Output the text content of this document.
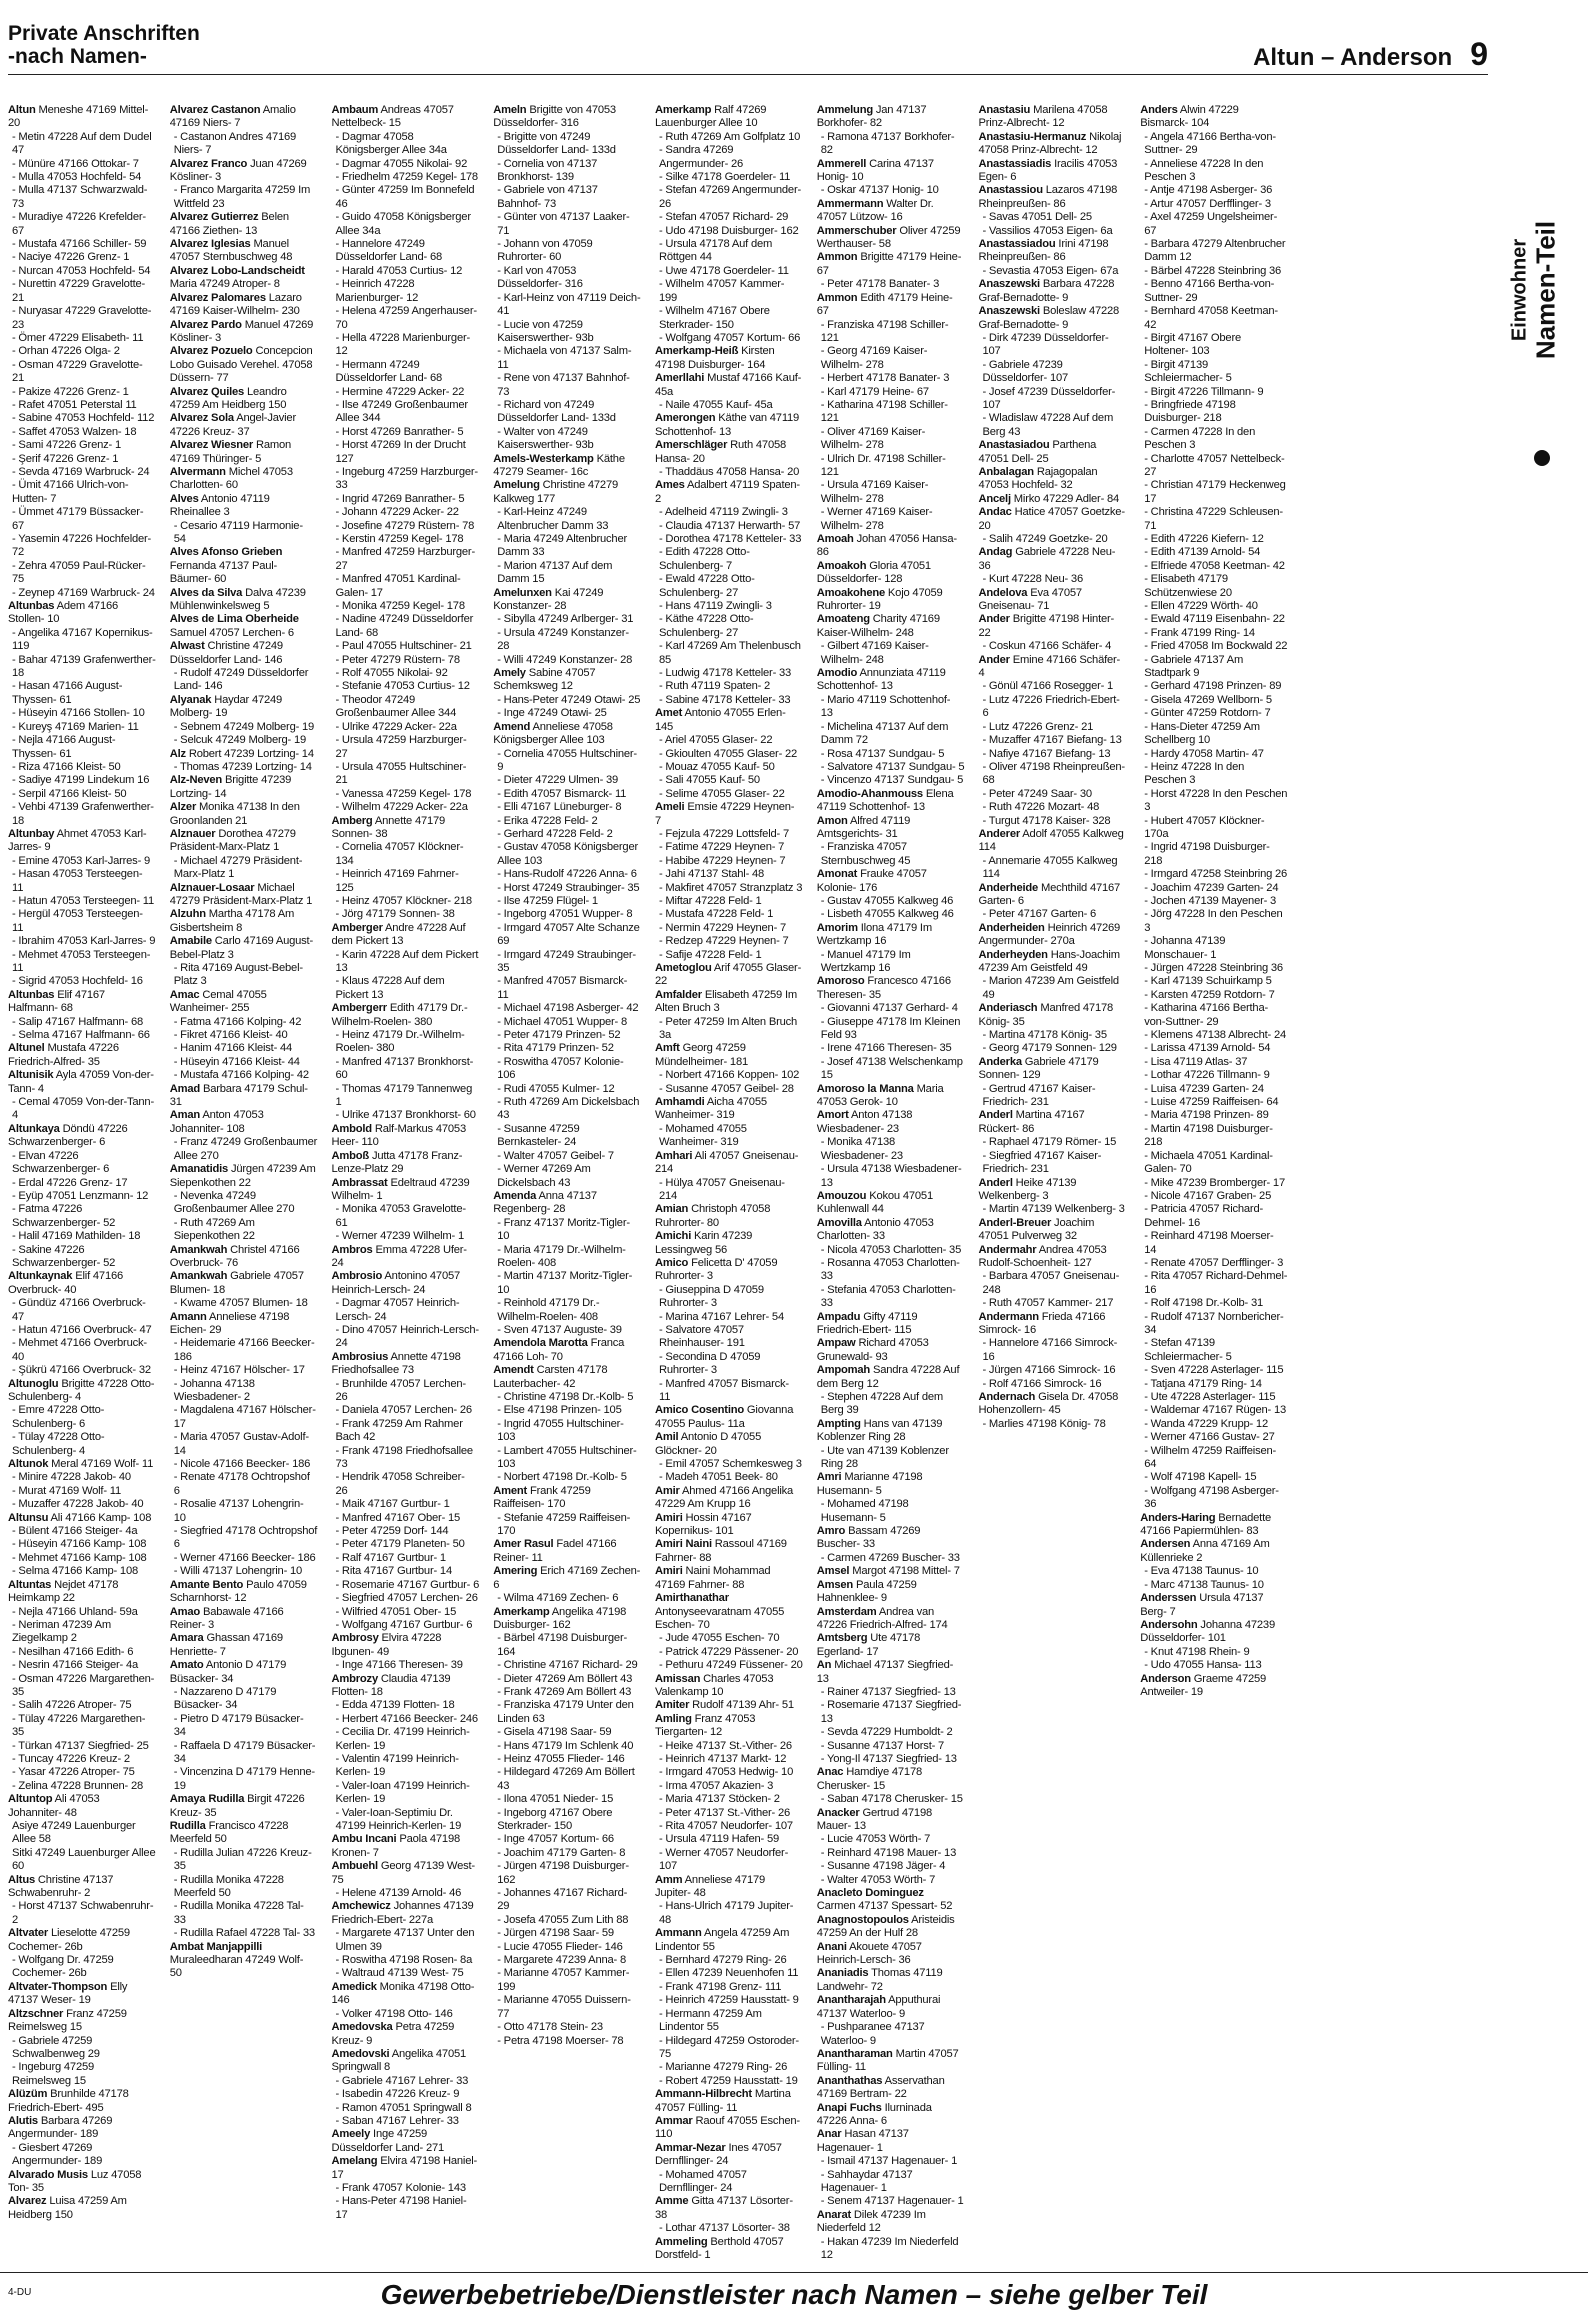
Private Anschriften
-nach Namen-	Altun – Anderson 9
Einwohner Namen-Teil
Altun Meneshe 47169 Mittel- 20
- Metin 47228 Auf dem Dudel 47
- Münüre 47166 Ottokar- 7
- Mulla 47053 Hochfeld- 54
- Mulla 47137 Schwarzwald- 73
- Muradiye 47226 Krefelder- 67
- Mustafa 47166 Schiller- 59
- Naciye 47226 Grenz- 1
- Nurcan 47053 Hochfeld- 54
- Nurettin 47229 Gravelotte- 21
- Nuryasar 47229 Gravelotte- 23
- Ömer 47229 Elisabeth- 11
- Orhan 47226 Olga- 2
- Osman 47229 Gravelotte- 21
- Pakize 47226 Grenz- 1
- Rafet 47051 Peterstal 11
- Sabine 47053 Hochfeld- 112
- Saffet 47053 Walzen- 18
- Sami 47226 Grenz- 1
- Şerif 47226 Grenz- 1
- Sevda 47169 Warbruck- 24
- Ümit 47166 Ulrich-von-Hutten- 7
- Ümmet 47179 Büssacker- 67
- Yasemin 47226 Hochfelder- 72
- Zehra 47059 Paul-Rücker- 75
- Zeynep 47169 Warbruck- 24
Altunbas Adem 47166 Stollen- 10
- Angelika 47167 Kopernikus- 119
- Bahar 47139 Grafenwerther- 18
- Hasan 47166 August-Thyssen- 61
- Hüseyin 47166 Stollen- 10
- Kureyş 47169 Marien- 11
- Nejla 47166 August-Thyssen- 61
- Riza 47166 Kleist- 50
- Sadiye 47199 Lindekum 16
- Serpil 47166 Kleist- 50
- Vehbi 47139 Grafenwerther- 18
Altunbay Ahmet 47053 Karl-Jarres- 9
- Emine 47053 Karl-Jarres- 9
- Hasan 47053 Tersteegen- 11
- Hatun 47053 Tersteegen- 11
- Hergül 47053 Tersteegen- 11
- Ibrahim 47053 Karl-Jarres- 9
- Mehmet 47053 Tersteegen- 11
- Sigrid 47053 Hochfeld- 16
Altunbas Elif 47167 Halfmann- 68
- Salip 47167 Halfmann- 68
- Selma 47167 Halfmann- 66
Altunel Mustafa 47226 Friedrich-Alfred- 35
Altunisik Ayla 47059 Von-der-Tann- 4
- Cemal 47059 Von-der-Tann- 4
Altunkaya Döndü 47226 Schwarzenberger- 6
- Elvan 47226 Schwarzenberger- 6
- Erdal 47226 Grenz- 17
- Eyüp 47051 Lenzmann- 12
- Fatma 47226 Schwarzenberger- 52
- Halil 47169 Mathilden- 18
- Sakine 47226 Schwarzenberger- 52
Altunkaynak Elif 47166 Overbruck- 40
- Gündüz 47166 Overbruck- 47
- Hatun 47166 Overbruck- 47
- Mehmet 47166 Overbruck- 40
- Şükrü 47166 Overbruck- 32
Altunoglu Brigitte 47228 Otto-Schulenberg- 4
- Emre 47228 Otto-Schulenberg- 6
- Tülay 47228 Otto-Schulenberg- 4
Altunok Meral 47169 Wolf- 11
- Minire 47228 Jakob- 40
- Murat 47169 Wolf- 11
- Muzaffer 47228 Jakob- 40
Altunsu Ali 47166 Kamp- 108
- Bülent 47166 Steiger- 4a
- Hüseyin 47166 Kamp- 108
- Mehmet 47166 Kamp- 108
- Selma 47166 Kamp- 108
Altuntas Nejdet 47178 Heimkamp 22
- Nejla 47166 Uhland- 59a
- Neriman 47239 Am Ziegelkamp 2
- Nesilhan 47166 Edith- 6
- Nesrin 47166 Steiger- 4a
- Osman 47226 Margarethen- 35
- Salih 47226 Atroper- 75
- Tülay 47226 Margarethen- 35
- Türkan 47137 Siegfried- 25
- Tuncay 47226 Kreuz- 2
- Yasar 47226 Atroper- 75
- Zelina 47228 Brunnen- 28
Altuntop Ali 47053 Johanniter- 48
Asiye 47249 Lauenburger Allee 58
Sitki 47249 Lauenburger Allee 60
Altus Christine 47137 Schwabenruhr- 2
- Horst 47137 Schwabenruhr- 2
Altvater Lieselotte 47259 Cochemer- 26b
- Wolfgang Dr. 47259 Cochemer- 26b
Altvater-Thompson Elly 47137 Weser- 19
Altzschner Franz 47259 Reimelsweg 15
- Gabriele 47259 Schwalbenweg 29
- Ingeburg 47259 Reimelsweg 15
Alüzüm Brunhilde 47178 Friedrich-Ebert- 495
Alutis Barbara 47269 Angermunder- 189
- Giesbert 47269 Angermunder- 189
Alvarado Musis Luz 47058 Ton- 35
Alvarez Luisa 47259 Am Heidberg 150
Alvarez Castanon Amalio 47169 Niers- 7
- Castanon Andres 47169 Niers- 7
Alvarez Franco Juan 47269 Kösliner- 3
- Franco Margarita 47259 Im Wittfeld 23
Alvarez Gutierrez Belen 47166 Ziethen- 13
Alvarez Iglesias Manuel 47057 Sternbuschweg 48
Alvarez Lobo-Landscheidt Maria 47249 Atroper- 8
Alvarez Palomares Lazaro 47169 Kaiser-Wilhelm- 230
Alvarez Pardo Manuel 47269 Kösliner- 3
Alvarez Pozuelo Concepcion Lobo Guisado Verehel. 47058 Düssern- 77
Alvarez Quiles Leandro 47259 Am Heidberg 150
Alvarez Sola Angel-Javier 47226 Kreuz- 37
Alvarez Wiesner Ramon 47169 Thüringer- 5
Alvermann Michel 47053 Charlotten- 60
Alves Antonio 47119 Rheinallee 3
- Cesario 47119 Harmonie- 54
Alves Afonso Grieben Fernanda 47137 Paul-Bäumer- 60
Alves da Silva Dalva 47239 Mühlenwinkelsweg 5
Alves de Lima Oberheide Samuel 47057 Lerchen- 6
Alwast Christine 47249 Düsseldorfer Land- 146
- Rudolf 47249 Düsseldorfer Land- 146
Alyanak Haydar 47249 Molberg- 19
- Sebnem 47249 Molberg- 19
- Selcuk 47249 Molberg- 19
Alz Robert 47239 Lortzing- 14
- Thomas 47239 Lortzing- 14
Alz-Neven Brigitte 47239 Lortzing- 14
Alzer Monika 47138 In den Groonlanden 21
Alznauer Dorothea 47279 Präsident-Marx-Platz 1
- Michael 47279 Präsident-Marx-Platz 1
Alznauer-Losaar Michael 47279 Präsident-Marx-Platz 1
Alzuhn Martha 47178 Am Gisbertsheim 8
Amabile Carlo 47169 August-Bebel-Platz 3
- Rita 47169 August-Bebel-Platz 3
Amac Cemal 47055 Wanheimer- 255
- Fatma 47166 Kolping- 42
- Fikret 47166 Kleist- 40
- Hanim 47166 Kleist- 44
- Hüseyin 47166 Kleist- 44
- Mustafa 47166 Kolping- 42
Amad Barbara 47179 Schul- 31
Aman Anton 47053 Johanniter- 108
- Franz 47249 Großenbaumer Allee 270
Amanatidis Jürgen 47239 Am Siepenkothen 22
- Nevenka 47249 Großenbaumer Allee 270
- Ruth 47269 Am Siepenkothen 22
Amankwah Christel 47166 Overbruck- 76
Amankwah Gabriele 47057 Blumen- 18
- Kwame 47057 Blumen- 18
Amann Anneliese 47198 Eichen- 29
- Heidemarie 47166 Beecker- 186
- Heinz 47167 Hölscher- 17
- Johanna 47138 Wiesbadener- 2
- Magdalena 47167 Hölscher- 17
- Maria 47057 Gustav-Adolf- 14
- Nicole 47166 Beecker- 186
- Renate 47178 Ochtropshof 6
- Rosalie 47137 Lohengrin- 10
- Siegfried 47178 Ochtropshof 6
- Werner 47166 Beecker- 186
- Willi 47137 Lohengrin- 10
Amante Bento Paulo 47059 Scharnhorst- 12
Amao Babawale 47166 Reiner- 3
Amara Ghassan 47169 Henriette- 7
Amato Antonio D 47179 Büsacker- 34
- Nazzareno D 47179 Büsacker- 34
- Pietro D 47179 Büsacker- 34
- Raffaela D 47179 Büsacker- 34
- Vincenzina D 47179 Henne- 19
Amaya Rudilla Birgit 47226 Kreuz- 35
Rudilla Francisco 47228 Meerfeld 50
- Rudilla Julian 47226 Kreuz- 35
- Rudilla Monika 47228 Meerfeld 50
- Rudilla Monika 47228 Tal- 33
- Rudilla Rafael 47228 Tal- 33
Ambat Manjappilli Muraleedharan 47249 Wolf- 50
Ambaum Andreas 47057 Nettelbeck- 15
- Dagmar 47058 Königsberger Allee 34a
- Dagmar 47055 Nikolai- 92
- Friedhelm 47259 Kegel- 178
- Günter 47259 Im Bonnefeld 46
- Guido 47058 Königsberger Allee 34a
- Hannelore 47249 Düsseldorfer Land- 68
- Harald 47053 Curtius- 12
- Heinrich 47228 Marienburger- 12
- Helena 47259 Angerhauser- 70
- Hella 47228 Marienburger- 12
- Hermann 47249 Düsseldorfer Land- 68
- Hermine 47229 Acker- 22
- Ilse 47249 Großenbaumer Allee 344
- Horst 47269 Banrather- 5
- Horst 47269 In der Drucht 127
- Ingeburg 47259 Harzburger- 33
- Ingrid 47269 Banrather- 5
- Johann 47229 Acker- 22
- Josefine 47279 Rüstern- 78
- Kerstin 47259 Kegel- 178
- Manfred 47259 Harzburger- 27
- Manfred 47051 Kardinal-Galen- 17
- Monika 47259 Kegel- 178
- Nadine 47249 Düsseldorfer Land- 68
- Paul 47055 Hultschiner- 21
- Peter 47279 Rüstern- 78
- Rolf 47055 Nikolai- 92
- Stefanie 47053 Curtius- 12
- Theodor 47249 Großenbaumer Allee 344
- Ulrike 47229 Acker- 22a
- Ursula 47259 Harzburger- 27
- Ursula 47055 Hultschiner- 21
- Vanessa 47259 Kegel- 178
- Wilhelm 47229 Acker- 22a
Amberg Annette 47179 Sonnen- 38
- Cornelia 47057 Klöckner- 134
- Heinrich 47169 Fahrner- 125
- Heinz 47057 Klöckner- 218
- Jörg 47179 Sonnen- 38
Amberger Andre 47228 Auf dem Pickert 13
- Karin 47228 Auf dem Pickert 13
- Klaus 47228 Auf dem Pickert 13
Ambergerr Edith 47179 Dr.-Wilhelm-Roelen- 380
- Heinz 47179 Dr.-Wilhelm-Roelen- 380
- Manfred 47137 Bronkhorst- 60
- Thomas 47179 Tannenweg 1
- Ulrike 47137 Bronkhorst- 60
Ambold Ralf-Markus 47053 Heer- 110
Amboß Jutta 47178 Franz-Lenze-Platz 29
Ambrassat Edeltraud 47239 Wilhelm- 1
- Monika 47053 Gravelotte- 61
- Werner 47239 Wilhelm- 1
Ambros Emma 47228 Ufer- 24
Ambrosio Antonino 47057 Heinrich-Lersch- 24
- Dagmar 47057 Heinrich-Lersch- 24
- Dino 47057 Heinrich-Lersch- 24
Ambrosius Annette 47198 Friedhofsallee 73
- Brunhilde 47057 Lerchen- 26
- Daniela 47057 Lerchen- 26
- Frank 47259 Am Rahmer Bach 42
- Frank 47198 Friedhofsallee 73
- Hendrik 47058 Schreiber- 26
- Maik 47167 Gurtbur- 1
- Manfred 47167 Ober- 15
- Peter 47259 Dorf- 144
- Peter 47179 Planeten- 50
- Ralf 47167 Gurtbur- 1
- Rita 47167 Gurtbur- 14
- Rosemarie 47167 Gurtbur- 6
- Siegfried 47057 Lerchen- 26
- Wilfried 47051 Ober- 15
- Wolfgang 47167 Gurtbur- 6
Ambrosy Elvira 47228 Ibgunen- 49
- Inge 47166 Theresen- 39
Ambrozy Claudia 47139 Flotten- 18
- Edda 47139 Flotten- 18
- Herbert 47166 Beecker- 246
- Cecilia Dr. 47199 Heinrich-Kerlen- 19
- Valentin 47199 Heinrich-Kerlen- 19
- Valer-Ioan 47199 Heinrich-Kerlen- 19
- Valer-Ioan-Septimiu Dr. 47199 Heinrich-Kerlen- 19
Ambu Incani Paola 47198 Kronen- 7
Ambuehl Georg 47139 West- 75
- Helene 47139 Arnold- 46
Amchewicz Johannes 47139 Friedrich-Ebert- 227a
- Margarete 47137 Unter den Ulmen 39
- Roswitha 47198 Rosen- 8a
- Waltraud 47139 West- 75
Amedick Monika 47198 Otto- 146
- Volker 47198 Otto- 146
Amedovska Petra 47259 Kreuz- 9
Amedovski Angelika 47051 Springwall 8
- Gabriele 47167 Lehrer- 33
- Isabedin 47226 Kreuz- 9
- Ramon 47051 Springwall 8
- Saban 47167 Lehrer- 33
Ameely Inge 47259 Düsseldorfer Land- 271
Amelang Elvira 47198 Haniel- 17
- Frank 47057 Kolonie- 143
- Hans-Peter 47198 Haniel- 17
Ameln Brigitte von 47053 Düsseldorfer- 316
- Brigitte von 47249 Düsseldorfer Land- 133d
- Cornelia von 47137 Bronkhorst- 139
- Gabriele von 47137 Bahnhof- 73
- Günter von 47137 Laaker- 71
- Johann von 47059 Ruhrorter- 60
- Karl von 47053 Düsseldorfer- 316
- Karl-Heinz von 47119 Deich- 41
- Lucie von 47259 Kaiserswerther- 93b
- Michaela von 47137 Salm- 11
- Rene von 47137 Bahnhof- 73
- Richard von 47249 Düsseldorfer Land- 133d
- Walter von 47249 Kaiserswerther- 93b
Amels-Westerkamp Käthe 47279 Seamer- 16c
Amelung Christine 47279 Kalkweg 177
- Karl-Heinz 47249 Altenbrucher Damm 33
- Maria 47249 Altenbrucher Damm 33
- Marion 47137 Auf dem Damm 15
Amelunxen Kai 47249 Konstanzer- 28
- Sibylla 47249 Arlberger- 31
- Ursula 47249 Konstanzer- 28
- Willi 47249 Konstanzer- 28
Amely Sabine 47057 Schemksweg 12
- Hans-Peter 47249 Otawi- 25
- Inge 47249 Otawi- 25
Amend Anneliese 47058 Königsberger Allee 103
- Cornelia 47055 Hultschiner- 9
- Dieter 47229 Ulmen- 39
- Edith 47057 Bismarck- 11
- Elli 47167 Lüneburger- 8
- Erika 47228 Feld- 2
- Gerhard 47228 Feld- 2
- Gustav 47058 Königsberger Allee 103
- Hans-Rudolf 47226 Anna- 6
- Horst 47249 Straubinger- 35
- Ilse 47259 Flügel- 1
- Ingeborg 47051 Wupper- 8
- Irmgard 47057 Alte Schanze 69
- Irmgard 47249 Straubinger- 35
- Manfred 47057 Bismarck- 11
- Michael 47198 Asberger- 42
- Michael 47051 Wupper- 8
- Peter 47179 Prinzen- 52
- Rita 47179 Prinzen- 52
- Roswitha 47057 Kolonie- 106
- Rudi 47055 Kulmer- 12
- Ruth 47269 Am Dickelsbach 43
- Susanne 47259 Bernkasteler- 24
- Walter 47057 Geibel- 7
- Werner 47269 Am Dickelsbach 43
Amenda Anna 47137 Regenberg- 28
- Franz 47137 Moritz-Tigler- 10
- Maria 47179 Dr.-Wilhelm-Roelen- 408
- Martin 47137 Moritz-Tigler- 10
- Reinhold 47179 Dr.-Wilhelm-Roelen- 408
- Sven 47137 Auguste- 39
Amendola Marotta Franca 47166 Loh- 70
Amendt Carsten 47178 Lauterbacher- 42
- Christine 47198 Dr.-Kolb- 5
- Else 47198 Prinzen- 105
- Ingrid 47055 Hultschiner- 103
- Lambert 47055 Hultschiner- 103
- Norbert 47198 Dr.-Kolb- 5
Ament Frank 47259 Raiffeisen- 170
- Stefanie 47259 Raiffeisen- 170
Amer Rasul Fadel 47166 Reiner- 11
Amering Erich 47169 Zechen- 6
- Wilma 47169 Zechen- 6
Amerkamp Angelika 47198 Duisburger- 162
- Bärbel 47198 Duisburger- 164
- Christine 47167 Richard- 29
- Dieter 47269 Am Böllert 43
- Frank 47269 Am Böllert 43
- Franziska 47179 Unter den Linden 63
- Gisela 47198 Saar- 59
- Hans 47179 Im Schlenk 40
- Heinz 47055 Flieder- 146
- Hildegard 47269 Am Böllert 43
- Ilona 47051 Nieder- 15
- Ingeborg 47167 Obere Sterkrader- 150
- Inge 47057 Kortum- 66
- Joachim 47179 Garten- 8
- Jürgen 47198 Duisburger- 162
- Johannes 47167 Richard- 29
- Josefa 47055 Zum Lith 88
- Jürgen 47198 Saar- 59
- Lucie 47055 Flieder- 146
- Margarete 47239 Anna- 8
- Marianne 47057 Kammer- 199
- Marianne 47055 Duissern- 77
- Otto 47178 Stein- 23
- Petra 47198 Moerser- 78
Amerkamp Ralf 47269 Lauenburger Allee 10
- Ruth 47269 Am Golfplatz 10
- Sandra 47269 Angermunder- 26
- Silke 47178 Goerdeler- 11
- Stefan 47269 Angermunder- 26
- Stefan 47057 Richard- 29
- Udo 47198 Duisburger- 162
- Ursula 47178 Auf dem Röttgen 44
- Uwe 47178 Goerdeler- 11
- Wilhelm 47057 Kammer- 199
- Wilhelm 47167 Obere Sterkrader- 150
- Wolfgang 47057 Kortum- 66
Amerkamp-Heiß Kirsten 47198 Duisburger- 164
Amerllahi Mustaf 47166 Kauf- 45a
- Naile 47055 Kauf- 45a
Amerongen Käthe van 47119 Schottenhof- 13
Amerschläger Ruth 47058 Hansa- 20
- Thaddäus 47058 Hansa- 20
Ames Adalbert 47119 Spaten- 2
- Adelheid 47119 Zwingli- 3
- Claudia 47137 Herwarth- 57
- Dorothea 47178 Ketteler- 33
- Edith 47228 Otto-Schulenberg- 7
- Ewald 47228 Otto-Schulenberg- 27
- Hans 47119 Zwingli- 3
- Käthe 47228 Otto-Schulenberg- 27
- Karl 47269 Am Thelenbusch 85
- Ludwig 47178 Ketteler- 33
- Ruth 47119 Spaten- 2
- Sabine 47178 Ketteler- 33
Amet Antonio 47055 Erlen- 145
- Ariel 47055 Glaser- 22
- Gkioulten 47055 Glaser- 22
- Mouaz 47055 Kauf- 50
- Sali 47055 Kauf- 50
- Selime 47055 Glaser- 22
Ameli Emsie 47229 Heynen- 7
- Fejzula 47229 Lottsfeld- 7
- Fatime 47229 Heynen- 7
- Habibe 47229 Heynen- 7
- Jahi 47137 Stahl- 48
- Makfiret 47057 Stranzplatz 3
- Miftar 47228 Feld- 1
- Mustafa 47228 Feld- 1
- Nermin 47229 Heynen- 7
- Redzep 47229 Heynen- 7
- Safije 47228 Feld- 1
Ametoglou Arif 47055 Glaser- 22
Amfalder Elisabeth 47259 Im Alten Bruch 3
- Peter 47259 Im Alten Bruch 3a
Amft Georg 47259 Mündelheimer- 181
- Norbert 47166 Koppen- 102
- Susanne 47057 Geibel- 28
Amhamdi Aicha 47055 Wanheimer- 319
- Mohamed 47055 Wanheimer- 319
Amhari Ali 47057 Gneisenau- 214
- Hülya 47057 Gneisenau- 214
Amian Christoph 47058 Ruhrorter- 80
Amichi Karin 47239 Lessingweg 56
Amico Felicetta D' 47059 Ruhrorter- 3
- Giuseppina D 47059 Ruhrorter- 3
- Marina 47167 Lehrer- 54
- Salvatore 47057 Rheinhauser- 191
- Secondina D 47059 Ruhrorter- 3
- Manfred 47057 Bismarck- 11
Amico Cosentino Giovanna 47055 Paulus- 11a
Amil Antonio D 47055 Glöckner- 20
- Emil 47057 Schemkesweg 3
- Madeh 47051 Beek- 80
Amir Ahmed 47166 Angelika 47229 Am Krupp 16
Amiri Hossin 47167 Kopernikus- 101
Amiri Naini Rassoul 47169 Fahrner- 88
Amiri Naini Mohammad 47169 Fahrner- 88
Amirthanathar Antonyseevaratnam 47055 Eschen- 70
- Jude 47055 Eschen- 70
- Patrick 47229 Pässener- 20
- Pethuru 47249 Füssener- 20
Amissan Charles 47053 Valenkamp 10
Amiter Rudolf 47139 Ahr- 51
Amling Franz 47053 Tiergarten- 12
- Heike 47137 St.-Vither- 26
- Heinrich 47137 Markt- 12
- Irmgard 47053 Hedwig- 10
- Irma 47057 Akazien- 3
- Maria 47137 Stöcken- 2
- Peter 47137 St.-Vither- 26
- Rita 47057 Neudorfer- 107
- Ursula 47119 Hafen- 59
- Werner 47057 Neudorfer- 107
Amm Anneliese 47179 Jupiter- 48
- Hans-Ulrich 47179 Jupiter- 48
Ammann Angela 47259 Am Lindentor 55
- Bernhard 47279 Ring- 26
- Ellen 47239 Neuenhofen 11
- Frank 47198 Grenz- 111
- Heinrich 47259 Hausstatt- 9
- Hermann 47259 Am Lindentor 55
- Hildegard 47259 Ostoroder- 75
- Marianne 47279 Ring- 26
- Robert 47259 Hausstatt- 19
Ammann-Hilbrecht Martina 47057 Fülling- 11
Ammar Raouf 47055 Eschen- 110
Ammar-Nezar Ines 47057 Dernfllinger- 24
- Mohamed 47057 Dernfllinger- 24
Amme Gitta 47137 Lösorter- 38
- Lothar 47137 Lösorter- 38
Ammeling Berthold 47057 Dorstfeld- 1
Ammelung Jan 47137 Borkhofer- 82
- Ramona 47137 Borkhofer- 82
Ammerell Carina 47137 Honig- 10
- Oskar 47137 Honig- 10
Ammermann Walter Dr. 47057 Lützow- 16
Ammerschuber Oliver 47259 Werthauser- 58
Ammon Brigitte 47179 Heine- 67
- Peter 47178 Banater- 3
Ammon Edith 47179 Heine- 67
- Franziska 47198 Schiller- 121
- Georg 47169 Kaiser-Wilhelm- 278
- Herbert 47178 Banater- 3
- Karl 47179 Heine- 67
- Katharina 47198 Schiller- 121
- Oliver 47169 Kaiser-Wilhelm- 278
- Ulrich Dr. 47198 Schiller- 121
- Ursula 47169 Kaiser-Wilhelm- 278
- Werner 47169 Kaiser-Wilhelm- 278
Amoah Johan 47056 Hansa- 86
Amoakoh Gloria 47051 Düsseldorfer- 128
Amoakohene Kojo 47059 Ruhrorter- 19
Amoateng Charity 47169 Kaiser-Wilhelm- 248
- Gilbert 47169 Kaiser-Wilhelm- 248
Amodio Annunziata 47119 Schottenhof- 13
- Mario 47119 Schottenhof- 13
- Michelina 47137 Auf dem Damm 72
- Rosa 47137 Sundgau- 5
- Salvatore 47137 Sundgau- 5
- Vincenzo 47137 Sundgau- 5
Amodio-Ahanmouss Elena 47119 Schottenhof- 13
Amon Alfred 47119 Amtsgerichts- 31
- Franziska 47057 Sternbuschweg 45
Amonat Frauke 47057 Kolonie- 176
- Gustav 47055 Kalkweg 46
- Lisbeth 47055 Kalkweg 46
Amorim Ilona 47179 Im Wertzkamp 16
- Manuel 47179 Im Wertzkamp 16
Amoroso Francesco 47166 Theresen- 35
- Giovanni 47137 Gerhard- 4
- Giuseppe 47178 Im Kleinen Feld 93
- Irene 47166 Theresen- 35
- Josef 47138 Welschenkamp 15
Amoroso la Manna Maria 47053 Gerok- 10
Amort Anton 47138 Wiesbadener- 23
- Monika 47138 Wiesbadener- 23
- Ursula 47138 Wiesbadener- 13
Amouzou Kokou 47051 Kuhlenwall 44
Amovilla Antonio 47053 Charlotten- 33
- Nicola 47053 Charlotten- 35
- Rosanna 47053 Charlotten- 33
- Stefania 47053 Charlotten- 33
Ampadu Gifty 47119 Friedrich-Ebert- 115
Ampaw Richard 47053 Grunewald- 93
Ampomah Sandra 47228 Auf dem Berg 12
- Stephen 47228 Auf dem Berg 39
Ampting Hans van 47139 Koblenzer Ring 28
- Ute van 47139 Koblenzer Ring 28
Amri Marianne 47198 Husemann- 5
- Mohamed 47198 Husemann- 5
Amro Bassam 47269 Buscher- 33
- Carmen 47269 Buscher- 33
Amsel Margot 47198 Mittel- 7
Amsen Paula 47259 Hahnenklee- 9
Amsterdam Andrea van 47226 Friedrich-Alfred- 174
Amtsberg Ute 47178 Egerland- 17
An Michael 47137 Siegfried- 13
- Rainer 47137 Siegfried- 13
- Rosemarie 47137 Siegfried- 13
- Sevda 47229 Humboldt- 2
- Susanne 47137 Horst- 7
- Yong-Il 47137 Siegfried- 13
Anac Hamdiye 47178 Cherusker- 15
- Saban 47178 Cherusker- 15
Anacker Gertrud 47198 Mauer- 13
- Lucie 47053 Wörth- 7
- Reinhard 47198 Mauer- 13
- Susanne 47198 Jäger- 4
- Walter 47053 Wörth- 7
Anacleto Dominguez Carmen 47137 Spessart- 52
Anagnostopoulos Aristeidis 47259 An der Hulf 28
Anani Akouete 47057 Heinrich-Lersch- 36
Ananiadis Thomas 47119 Landwehr- 72
Anantharajah Apputhurai 47137 Waterloo- 9
- Pushparanee 47137 Waterloo- 9
Anantharaman Martin 47057 Fülling- 11
Ananthathas Asservathan 47169 Bertram- 22
Anapi Fuchs Ilurninada 47226 Anna- 6
Anar Hasan 47137 Hagenauer- 1
- Ismail 47137 Hagenauer- 1
- Sahhaydar 47137 Hagenauer- 1
- Senem 47137 Hagenauer- 1
Anarat Dilek 47239 Im Niederfeld 12
- Hakan 47239 Im Niederfeld 12
Anastasiu Marilena 47058 Prinz-Albrecht- 12
Anastasiu-Hermanuz Nikolaj 47058 Prinz-Albrecht- 12
Anastassiadis Iracilis 47053 Egen- 6
Anastassiou Lazaros 47198 Rheinpreußen- 86
- Savas 47051 Dell- 25
- Vassilios 47053 Eigen- 6a
Anastassiadou Irini 47198 Rheinpreußen- 86
- Sevastia 47053 Eigen- 67a
Anaszewski Barbara 47228 Graf-Bernadotte- 9
Anaszewski Boleslaw 47228 Graf-Bernadotte- 9
- Dirk 47239 Düsseldorfer- 107
- Gabriele 47239 Düsseldorfer- 107
- Josef 47239 Düsseldorfer- 107
- Wladislaw 47228 Auf dem Berg 43
Anastasiadou Parthena 47051 Dell- 25
Anbalagan Rajagopalan 47053 Hochfeld- 32
Ancelj Mirko 47229 Adler- 84
Andac Hatice 47057 Goetzke- 20
- Salih 47249 Goetzke- 20
Andag Gabriele 47228 Neu- 36
- Kurt 47228 Neu- 36
Andelova Eva 47057 Gneisenau- 71
Ander Brigitte 47198 Hinter- 22
- Coskun 47166 Schäfer- 4
Ander Emine 47166 Schäfer- 4
- Gönül 47166 Rosegger- 1
- Lutz 47226 Friedrich-Ebert- 6
- Lutz 47226 Grenz- 21
- Muzaffer 47167 Biefang- 13
- Nafiye 47167 Biefang- 13
- Oliver 47198 Rheinpreußen- 68
- Peter 47249 Saar- 30
- Ruth 47226 Mozart- 48
- Turgut 47178 Kaiser- 328
Anderer Adolf 47055 Kalkweg 114
- Annemarie 47055 Kalkweg 114
Anderheide Mechthild 47167 Garten- 6
- Peter 47167 Garten- 6
Anderheiden Heinrich 47269 Angermunder- 270a
Anderheyden Hans-Joachim 47239 Am Geistfeld 49
- Marion 47239 Am Geistfeld 49
Anderiasch Manfred 47178 König- 35
- Martina 47178 König- 35
- Georg 47179 Sonnen- 129
Anderka Gabriele 47179 Sonnen- 129
- Gertrud 47167 Kaiser-Friedrich- 231
Anderl Martina 47167 Rückert- 86
- Raphael 47179 Römer- 15
- Siegfried 47167 Kaiser-Friedrich- 231
Anderl Heike 47139 Welkenberg- 3
- Martin 47139 Welkenberg- 3
Anderl-Breuer Joachim 47051 Pulverweg 32
Andermahr Andrea 47053 Rudolf-Schoenheit- 127
- Barbara 47057 Gneisenau- 248
- Ruth 47057 Kammer- 217
Andermann Frieda 47166 Simrock- 16
- Hannelore 47166 Simrock- 16
- Jürgen 47166 Simrock- 16
- Rolf 47166 Simrock- 16
Andernach Gisela Dr. 47058 Hohenzollern- 45
- Marlies 47198 König- 78
Anders Alwin 47229 Bismarck- 104
- Angela 47166 Bertha-von-Suttner- 29
- Anneliese 47228 In den Peschen 3
- Antje 47198 Asberger- 36
- Artur 47057 Derfflinger- 3
- Axel 47259 Ungelsheimer- 67
- Barbara 47279 Altenbrucher Damm 12
- Bärbel 47228 Steinbring 36
- Benno 47166 Bertha-von-Suttner- 29
- Bernhard 47058 Keetman- 42
- Birgit 47167 Obere Holtener- 103
- Birgit 47139 Schleiermacher- 5
- Birgit 47226 Tillmann- 9
- Bringfriede 47198 Duisburger- 218
- Carmen 47228 In den Peschen 3
- Charlotte 47057 Nettelbeck- 27
- Christian 47179 Heckenweg 17
- Christina 47229 Schleusen- 71
- Edith 47226 Kiefern- 12
- Edith 47139 Arnold- 54
- Elfriede 47058 Keetman- 42
- Elisabeth 47179 Schützenwiese 20
- Ellen 47229 Wörth- 40
- Ewald 47119 Eisenbahn- 22
- Frank 47199 Ring- 14
- Fried 47058 Im Bockwald 22
- Gabriele 47137 Am Stadtpark 9
- Gerhard 47198 Prinzen- 89
- Gisela 47269 Wellborn- 5
- Günter 47259 Rotdorn- 7
- Hans-Dieter 47259 Am Schellberg 10
- Hardy 47058 Martin- 47
- Heinz 47228 In den Peschen 3
- Horst 47228 In den Peschen 3
- Hubert 47057 Klöckner- 170a
- Ingrid 47198 Duisburger- 218
- Irmgard 47258 Steinbring 26
- Joachim 47239 Garten- 24
- Jochen 47139 Mayener- 3
- Jörg 47228 In den Peschen 3
- Johanna 47139 Monschauer- 1
- Jürgen 47228 Steinbring 36
- Karl 47139 Schuirkamp 5
- Karsten 47259 Rotdorn- 7
- Katharina 47166 Bertha-von-Suttner- 29
- Klemens 47138 Albrecht- 24
- Larissa 47139 Arnold- 54
- Lisa 47119 Atlas- 37
- Lothar 47226 Tillmann- 9
- Luisa 47239 Garten- 24
- Luise 47259 Raiffeisen- 64
- Maria 47198 Prinzen- 89
- Martin 47198 Duisburger- 218
- Michaela 47051 Kardinal-Galen- 70
- Mike 47239 Bromberger- 17
- Nicole 47167 Graben- 25
- Patricia 47057 Richard-Dehmel- 16
- Reinhard 47198 Moerser- 14
- Renate 47057 Derfflinger- 3
- Rita 47057 Richard-Dehmel- 16
- Rolf 47198 Dr.-Kolb- 31
- Rudolf 47137 Nornbericher- 34
- Stefan 47139 Schleiermacher- 5
- Sven 47228 Asterlager- 115
- Tatjana 47179 Ring- 14
- Ute 47228 Asterlager- 115
- Waldemar 47167 Rügen- 13
- Wanda 47229 Krupp- 12
- Werner 47166 Gustav- 27
- Wilhelm 47259 Raiffeisen- 64
- Wolf 47198 Kapell- 15
- Wolfgang 47198 Asberger- 36
Anders-Haring Bernadette 47166 Papiermühlen- 83
Andersen Anna 47169 Am Küllenrieke 2
- Eva 47138 Taunus- 10
- Marc 47138 Taunus- 10
Anderssen Ursula 47137 Berg- 7
Andersohn Johanna 47239 Düsseldorfer- 101
- Knut 47198 Rhein- 9
- Udo 47055 Hansa- 113
Anderson Graeme 47259 Antweiler- 19
4-DU	Gewerbebetriebe/Dienstleister nach Namen – siehe gelber Teil
